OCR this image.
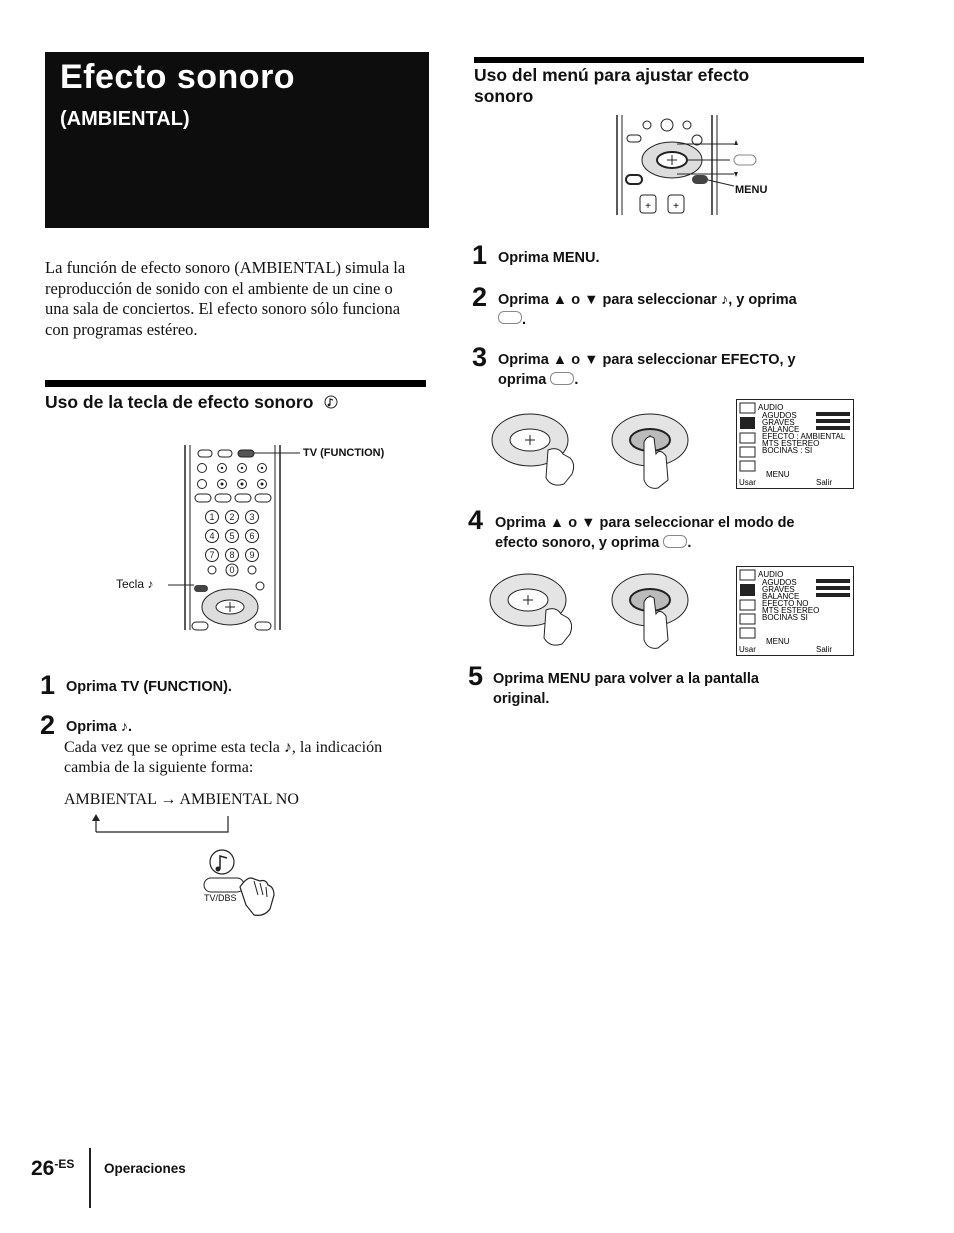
Efecto sonoro
(AMBIENTAL)
La función de efecto sonoro (AMBIENTAL) simula la
reproducción de sonido con el ambiente de un cine o
una sala de conciertos. El efecto sonoro sólo funciona
con programas estéreo.
Uso de la tecla de efecto sonoro
1 2 3
4 5 6
7 8 9
0
TV (FUNCTION)
Tecla ♪
1 Oprima TV (FUNCTION).
2 Oprima ♪.
Cada vez que se oprime esta tecla ♪, la indicación
cambia de la siguiente forma:
AMBIENTAL → AMBIENTAL NO
TV/DBS
Uso del menú para ajustar efecto
sonoro
+ +
MENU
1 Oprima MENU.
2 Oprima ▲ o ▼ para seleccionar ♪, y oprima
.
3 Oprima ▲ o ▼ para seleccionar EFECTO, y
oprima .
AUDIO
AGUDOS
GRAVES
BALANCE
EFECTO : AMBIENTAL
MTS ESTEREO
BOCINAS : SI
MENU
Usar	Salir
4 Oprima ▲ o ▼ para seleccionar el modo de
efecto sonoro, y oprima .
AUDIO
AGUDOS
GRAVES
BALANCE
EFECTO NO
MTS ESTEREO
BOCINAS SI
MENU
Usar	Salir
5 Oprima MENU para volver a la pantalla
original.
$26^{-ES}$ Operaciones
